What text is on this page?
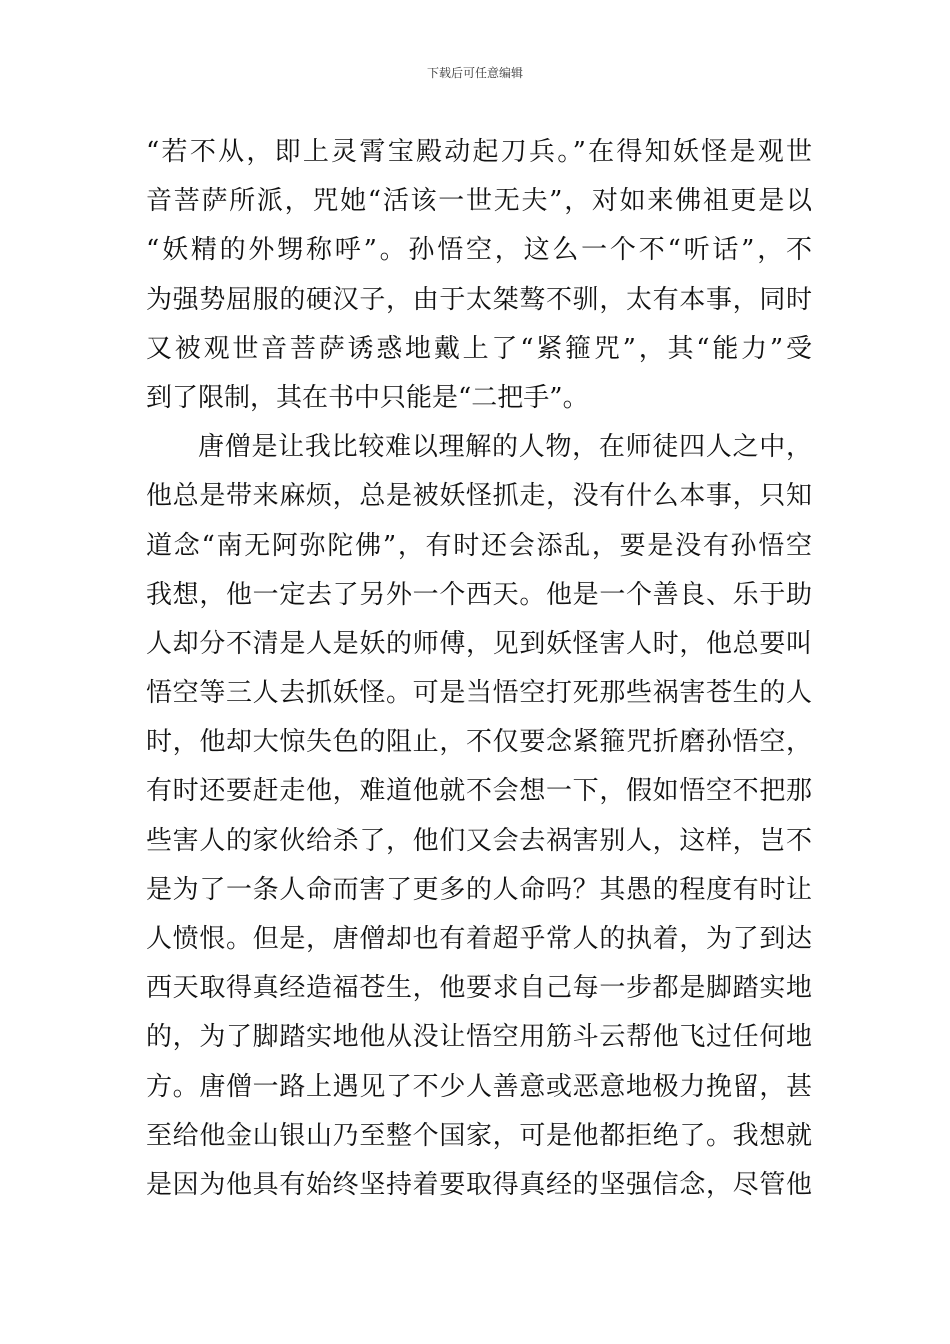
下载后可任意编辑
“若不从，即上灵霄宝殿动起刀兵。”在得知妖怪是观世
音菩萨所派，咒她“活该一世无夫”，对如来佛祖更是以
“妖精的外甥称呼”。孙悟空，这么一个不“听话”，不
为强势屈服的硬汉子，由于太桀骜不驯，太有本事，同时
又被观世音菩萨诱惑地戴上了“紧箍咒”，其“能力”受
到了限制，其在书中只能是“二把手”。
唐僧是让我比较难以理解的人物，在师徒四人之中，
他总是带来麻烦，总是被妖怪抓走，没有什么本事，只知
道念“南无阿弥陀佛”，有时还会添乱，要是没有孙悟空
我想，他一定去了另外一个西天。他是一个善良、乐于助
人却分不清是人是妖的师傅，见到妖怪害人时，他总要叫
悟空等三人去抓妖怪。可是当悟空打死那些祸害苍生的人
时，他却大惊失色的阻止，不仅要念紧箍咒折磨孙悟空，
有时还要赶走他，难道他就不会想一下，假如悟空不把那
些害人的家伙给杀了，他们又会去祸害别人，这样，岂不
是为了一条人命而害了更多的人命吗？其愚的程度有时让
人愤恨。但是，唐僧却也有着超乎常人的执着，为了到达
西天取得真经造福苍生，他要求自己每一步都是脚踏实地
的，为了脚踏实地他从没让悟空用筋斗云帮他飞过任何地
方。唐僧一路上遇见了不少人善意或恶意地极力挽留，甚
至给他金山银山乃至整个国家，可是他都拒绝了。我想就
是因为他具有始终坚持着要取得真经的坚强信念，尽管他
